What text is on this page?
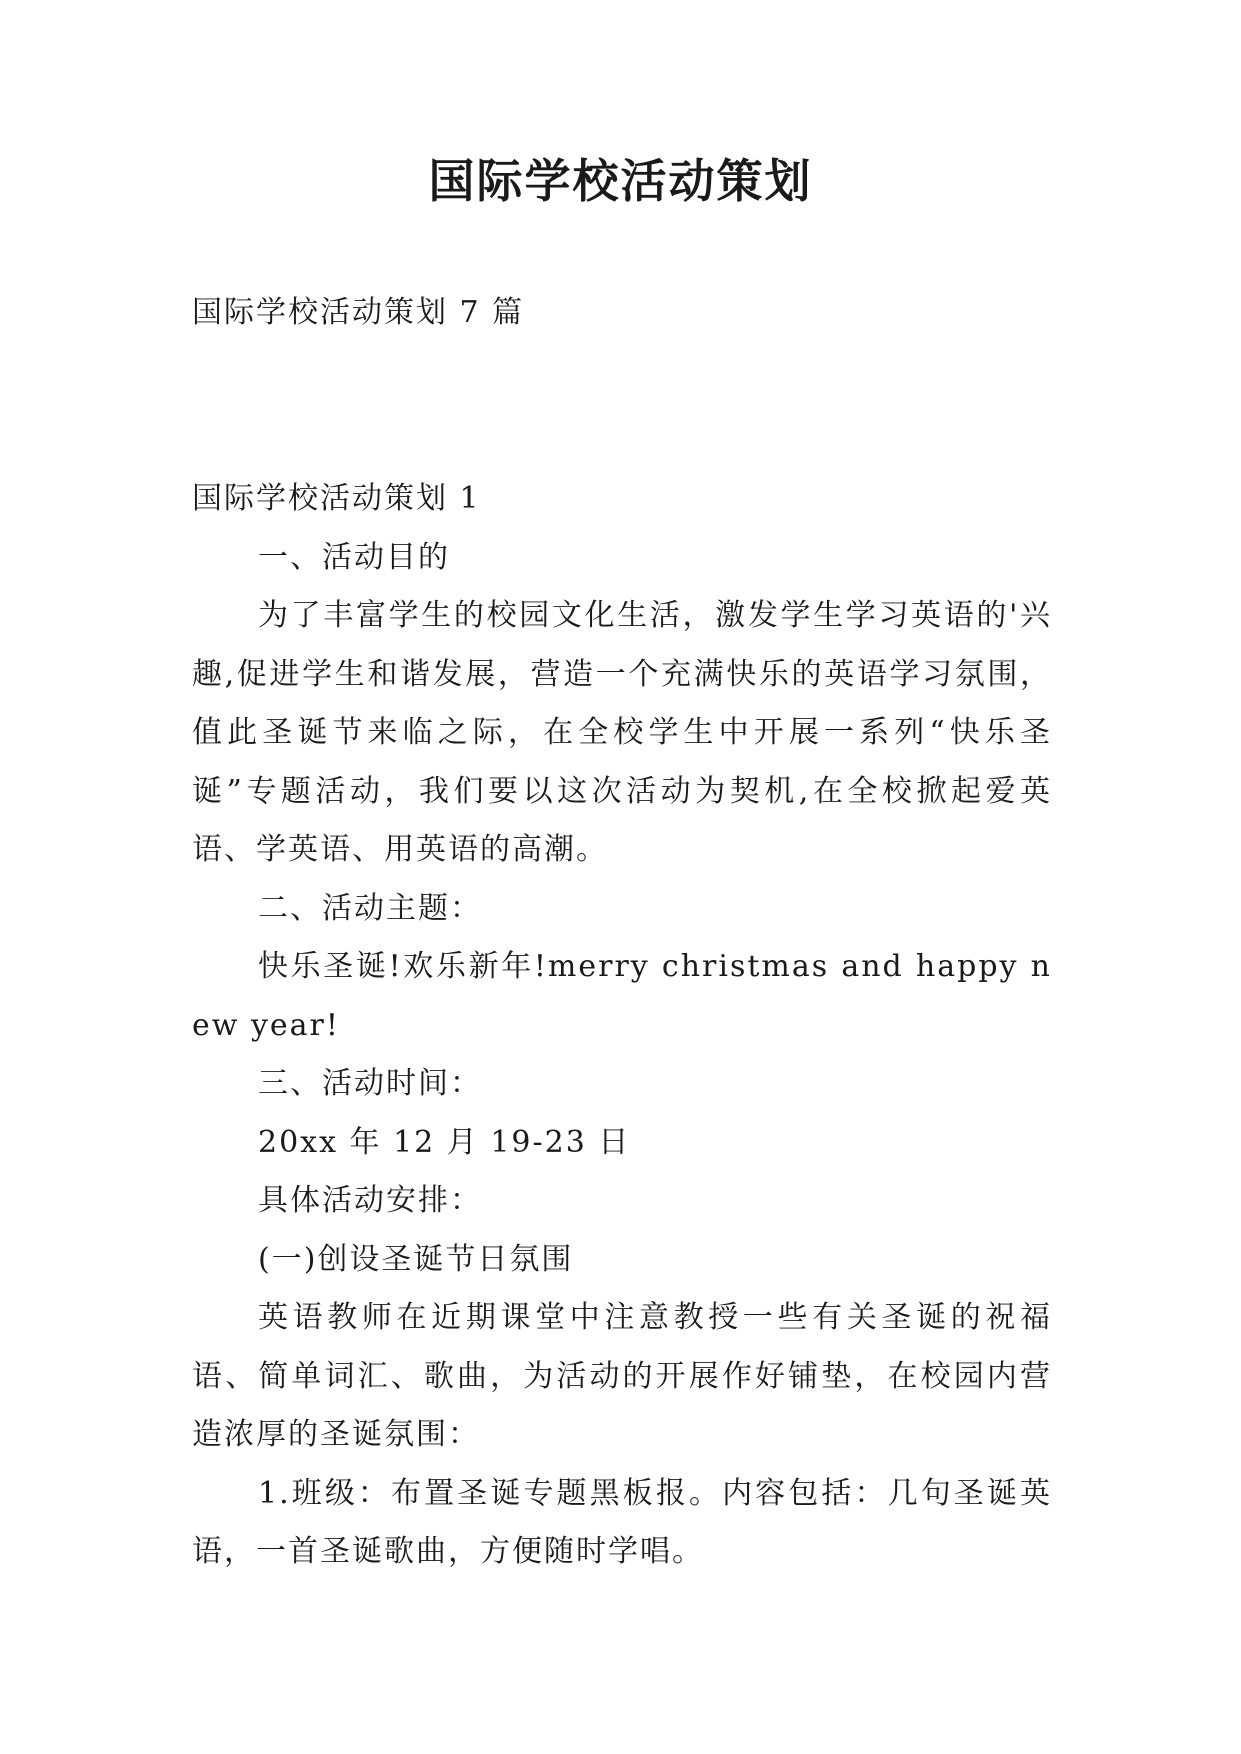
国际学校活动策划
国际学校活动策划 7 篇

国际学校活动策划 1

一、活动目的

为了丰富学生的校园文化生活，激发学生学习英语的'兴趣,促进学生和谐发展，营造一个充满快乐的英语学习氛围，值此圣诞节来临之际，在全校学生中开展一系列“快乐圣诞”专题活动，我们要以这次活动为契机,在全校掀起爱英语、学英语、用英语的高潮。

二、活动主题：

快乐圣诞!欢乐新年!merry christmas and happy new year!

三、活动时间：

20xx 年 12 月 19-23 日

具体活动安排：

(一)创设圣诞节日氛围

英语教师在近期课堂中注意教授一些有关圣诞的祝福语、简单词汇、歌曲，为活动的开展作好铺垫，在校园内营造浓厚的圣诞氛围：

1.班级：布置圣诞专题黑板报。内容包括：几句圣诞英语，一首圣诞歌曲，方便随时学唱。
